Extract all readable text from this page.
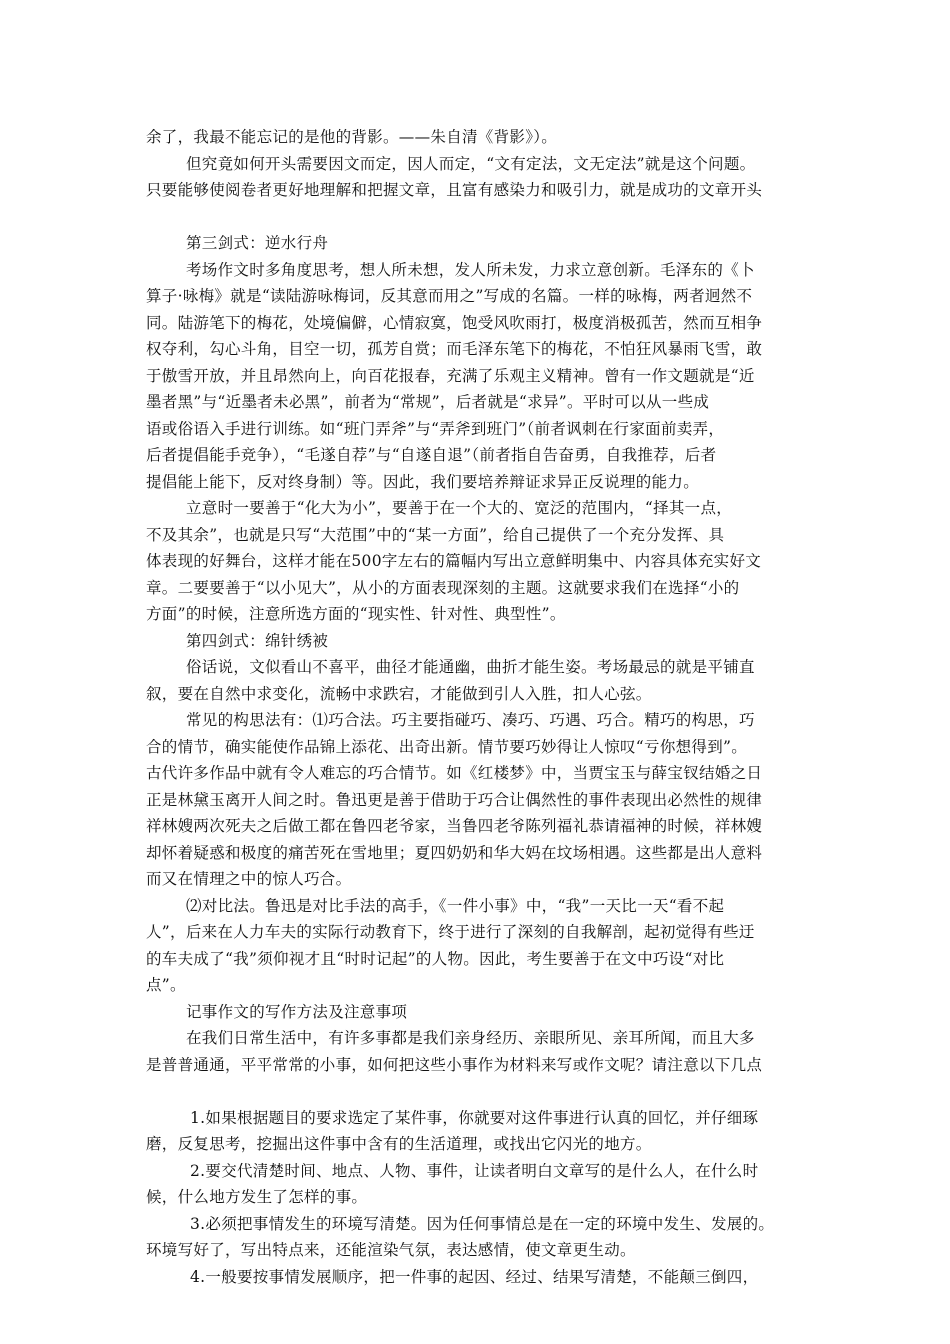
余了，我最不能忘记的是他的背影。——朱自清《背影》）。
但究竟如何开头需要因文而定，因人而定，“文有定法，文无定法”就是这个问题。
只要能够使阅卷者更好地理解和把握文章，且富有感染力和吸引力，就是成功的文章开头
第三剑式：逆水行舟
考场作文时多角度思考，想人所未想，发人所未发，力求立意创新。毛泽东的《卜
算子·咏梅》就是“读陆游咏梅词，反其意而用之”写成的名篇。一样的咏梅，两者迥然不
同。陆游笔下的梅花，处境偏僻，心情寂寞，饱受风吹雨打，极度消极孤苦，然而互相争
权夺利，勾心斗角，目空一切，孤芳自赏；而毛泽东笔下的梅花，不怕狂风暴雨飞雪，敢
于傲雪开放，并且昂然向上，向百花报春，充满了乐观主义精神。曾有一作文题就是“近
墨者黑”与“近墨者未必黑”，前者为“常规”，后者就是“求异”。平时可以从一些成
语或俗语入手进行训练。如“班门弄斧”与“弄斧到班门”（前者讽刺在行家面前卖弄，
后者提倡能手竞争），“毛遂自荐”与“自遂自退”（前者指自告奋勇，自我推荐，后者
提倡能上能下，反对终身制）等。因此，我们要培养辩证求异正反说理的能力。
立意时一要善于“化大为小”，要善于在一个大的、宽泛的范围内，“择其一点，
不及其余”，也就是只写“大范围”中的“某一方面”，给自己提供了一个充分发挥、具
体表现的好舞台，这样才能在500字左右的篇幅内写出立意鲜明集中、内容具体充实好文
章。二要要善于“以小见大”，从小的方面表现深刻的主题。这就要求我们在选择“小的
方面”的时候，注意所选方面的“现实性、针对性、典型性”。
第四剑式：绵针绣被
俗话说，文似看山不喜平，曲径才能通幽，曲折才能生姿。考场最忌的就是平铺直
叙，要在自然中求变化，流畅中求跌宕，才能做到引人入胜，扣人心弦。
常见的构思法有：⑴巧合法。巧主要指碰巧、凑巧、巧遇、巧合。精巧的构思，巧
合的情节，确实能使作品锦上添花、出奇出新。情节要巧妙得让人惊叹“亏你想得到”。
古代许多作品中就有令人难忘的巧合情节。如《红楼梦》中，当贾宝玉与薛宝钗结婚之日
正是林黛玉离开人间之时。鲁迅更是善于借助于巧合让偶然性的事件表现出必然性的规律
祥林嫂两次死夫之后做工都在鲁四老爷家，当鲁四老爷陈列福礼恭请福神的时候，祥林嫂
却怀着疑惑和极度的痛苦死在雪地里；夏四奶奶和华大妈在坟场相遇。这些都是出人意料
而又在情理之中的惊人巧合。
⑵对比法。鲁迅是对比手法的高手，《一件小事》中，“我”一天比一天“看不起
人”，后来在人力车夫的实际行动教育下，终于进行了深刻的自我解剖，起初觉得有些迂
的车夫成了“我”须仰视才且“时时记起”的人物。因此，考生要善于在文中巧设“对比
点”。
记事作文的写作方法及注意事项
在我们日常生活中，有许多事都是我们亲身经历、亲眼所见、亲耳所闻，而且大多
是普普通通，平平常常的小事，如何把这些小事作为材料来写或作文呢？请注意以下几点
1.如果根据题目的要求选定了某件事，你就要对这件事进行认真的回忆，并仔细琢
磨，反复思考，挖掘出这件事中含有的生活道理，或找出它闪光的地方。
2.要交代清楚时间、地点、人物、事件，让读者明白文章写的是什么人，在什么时
候，什么地方发生了怎样的事。
3.必须把事情发生的环境写清楚。因为任何事情总是在一定的环境中发生、发展的。
环境写好了，写出特点来，还能渲染气氛，表达感情，使文章更生动。
4.一般要按事情发展顺序，把一件事的起因、经过、结果写清楚，不能颠三倒四，
